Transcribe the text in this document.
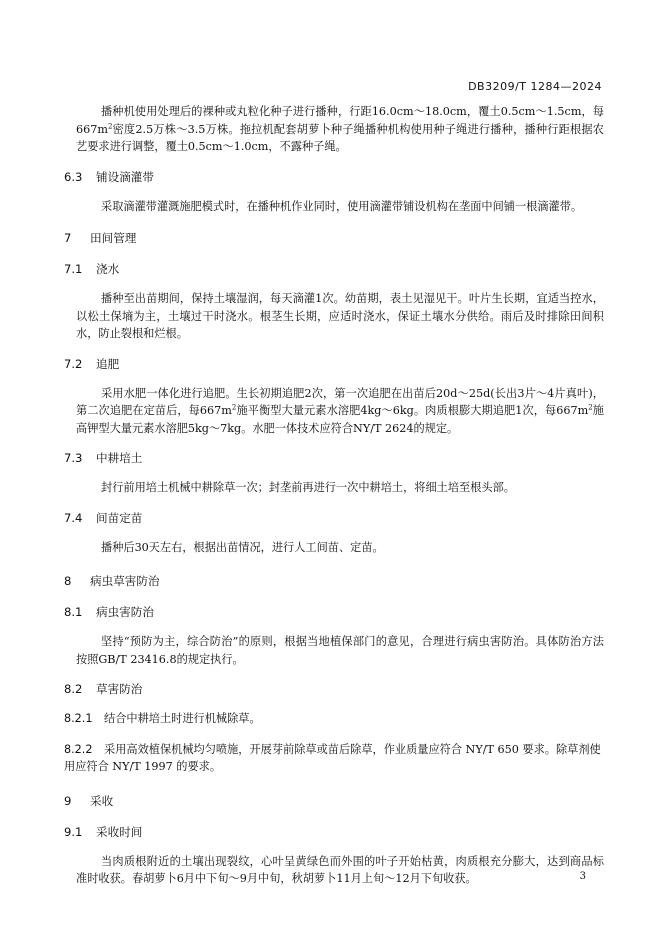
DB3209/T 1284—2024

播种机使用处理后的裸种或丸粒化种子进行播种，行距16.0cm～18.0cm，覆土0.5cm～1.5cm，每$667m^2$密度2.5万株～3.5万株。拖拉机配套胡萝卜种子绳播种机构使用种子绳进行播种，播种行距根据农艺要求进行调整，覆土0.5cm～1.0cm，不露种子绳。

6.3 铺设滴灌带

采取滴灌带灌溉施肥模式时，在播种机作业同时，使用滴灌带铺设机构在垄面中间铺一根滴灌带。

7 田间管理

7.1 浇水

播种至出苗期间，保持土壤湿润，每天滴灌1次。幼苗期，表土见湿见干。叶片生长期，宜适当控水，以松土保墒为主，土壤过干时浇水。根茎生长期，应适时浇水，保证土壤水分供给。雨后及时排除田间积水，防止裂根和烂根。

7.2 追肥

采用水肥一体化进行追肥。生长初期追肥2次，第一次追肥在出苗后20d～25d(长出3片～4片真叶)，第二次追肥在定苗后，每$667m^2$施平衡型大量元素水溶肥4kg～6kg。肉质根膨大期追肥1次，每$667m^2$施高钾型大量元素水溶肥5kg～7kg。水肥一体技术应符合NY/T 2624的规定。

7.3 中耕培土

封行前用培土机械中耕除草一次；封垄前再进行一次中耕培土，将细土培至根头部。

7.4 间苗定苗

播种后30天左右，根据出苗情况，进行人工间苗、定苗。

8 病虫草害防治

8.1 病虫害防治

坚持“预防为主，综合防治”的原则，根据当地植保部门的意见，合理进行病虫害防治。具体防治方法按照GB/T 23416.8的规定执行。

8.2 草害防治

8.2.1 结合中耕培土时进行机械除草。

8.2.2 采用高效植保机械均匀喷施，开展芽前除草或苗后除草，作业质量应符合 NY/T 650 要求。除草剂使用应符合 NY/T 1997 的要求。

9 采收

9.1 采收时间

当肉质根附近的土壤出现裂纹，心叶呈黄绿色而外围的叶子开始枯黄，肉质根充分膨大，达到商品标准时收获。春胡萝卜6月中下旬～9月中旬，秋胡萝卜11月上旬～12月下旬收获。	3
